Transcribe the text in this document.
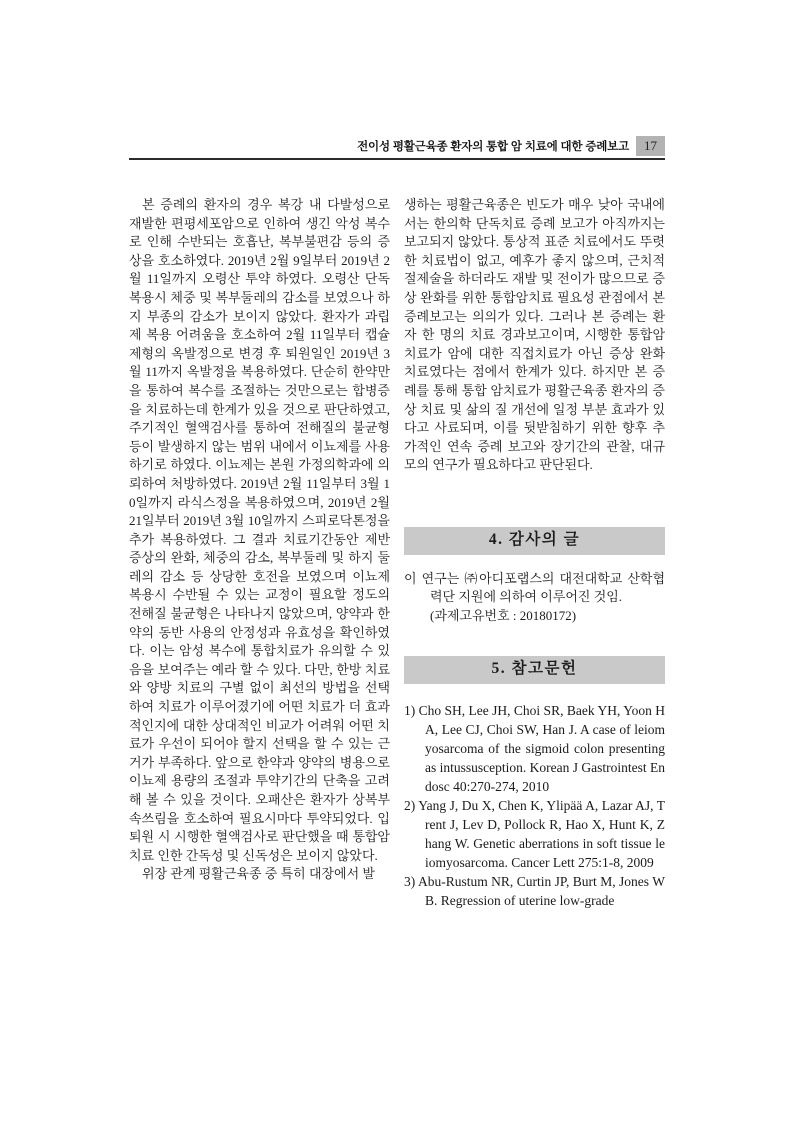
전이성 평활근육종 환자의 통합 암 치료에 대한 증례보고	17

본 증례의 환자의 경우 복강 내 다발성으로 재발한 편평세포암으로 인하여 생긴 악성 복수로 인해 수반되는 호흡난, 복부불편감 등의 증상을 호소하였다. 2019년 2월 9일부터 2019년 2월 11일까지 오령산 투약 하였다. 오령산 단독 복용시 체중 및 복부둘레의 감소를 보였으나 하지 부종의 감소가 보이지 않았다. 환자가 과립제 복용 어려움을 호소하여 2월 11일부터 캡슐제형의 옥발정으로 변경 후 퇴원일인 2019년 3월 11까지 옥발정을 복용하였다. 단순히 한약만을 통하여 복수를 조절하는 것만으로는 합병증을 치료하는데 한계가 있을 것으로 판단하였고, 주기적인 혈액검사를 통하여 전해질의 불균형 등이 발생하지 않는 범위 내에서 이뇨제를 사용하기로 하였다. 이뇨제는 본원 가정의학과에 의뢰하여 처방하였다. 2019년 2월 11일부터 3월 10일까지 라식스정을 복용하였으며, 2019년 2월 21일부터 2019년 3월 10일까지 스피로닥톤정을 추가 복용하였다. 그 결과 치료기간동안 제반 증상의 완화, 체중의 감소, 복부둘레 및 하지 둘레의 감소 등 상당한 호전을 보였으며 이뇨제 복용시 수반될 수 있는 교정이 필요할 정도의 전해질 불균형은 나타나지 않았으며, 양약과 한약의 동반 사용의 안정성과 유효성을 확인하였다. 이는 암성 복수에 통합치료가 유의할 수 있음을 보여주는 예라 할 수 있다. 다만, 한방 치료와 양방 치료의 구별 없이 최선의 방법을 선택하여 치료가 이루어졌기에 어떤 치료가 더 효과적인지에 대한 상대적인 비교가 어려워 어떤 치료가 우선이 되어야 할지 선택을 할 수 있는 근거가 부족하다. 앞으로 한약과 양약의 병용으로 이뇨제 용량의 조절과 투약기간의 단축을 고려해 볼 수 있을 것이다. 오패산은 환자가 상복부 속쓰림을 호소하여 필요시마다 투약되었다. 입퇴원 시 시행한 혈액검사로 판단했을 때 통합암치료 인한 간독성 및 신독성은 보이지 않았다.

위장 관계 평활근육종 중 특히 대장에서 발

생하는 평활근육종은 빈도가 매우 낮아 국내에서는 한의학 단독치료 증례 보고가 아직까지는 보고되지 않았다. 통상적 표준 치료에서도 뚜렷한 치료법이 없고, 예후가 좋지 않으며, 근치적 절제술을 하더라도 재발 및 전이가 많으므로 증상 완화를 위한 통합암치료 필요성 관점에서 본 증례보고는 의의가 있다. 그러나 본 증례는 환자 한 명의 치료 경과보고이며, 시행한 통합암치료가 암에 대한 직접치료가 아닌 증상 완화 치료였다는 점에서 한계가 있다. 하지만 본 증례를 통해 통합 암치료가 평활근육종 환자의 증상 치료 및 삶의 질 개선에 일정 부분 효과가 있다고 사료되며, 이를 뒷받침하기 위한 향후 추가적인 연속 증례 보고와 장기간의 관찰, 대규모의 연구가 필요하다고 판단된다.

4. 감사의 글

이 연구는 ㈜아디포랩스의 대전대학교 산학협력단 지원에 의하여 이루어진 것임.

(과제고유번호 : 20180172)

5. 참고문헌

1) Cho SH, Lee JH, Choi SR, Baek YH, Yoon HA, Lee CJ, Choi SW, Han J. A case of leiomyosarcoma of the sigmoid colon presenting as intussusception. Korean J Gastrointest Endosc 40:270-274, 2010

2) Yang J, Du X, Chen K, Ylipää A, Lazar AJ, Trent J, Lev D, Pollock R, Hao X, Hunt K, Zhang W. Genetic aberrations in soft tissue leiomyosarcoma. Cancer Lett 275:1-8, 2009

3) Abu-Rustum NR, Curtin JP, Burt M, Jones WB. Regression of uterine low-grade
